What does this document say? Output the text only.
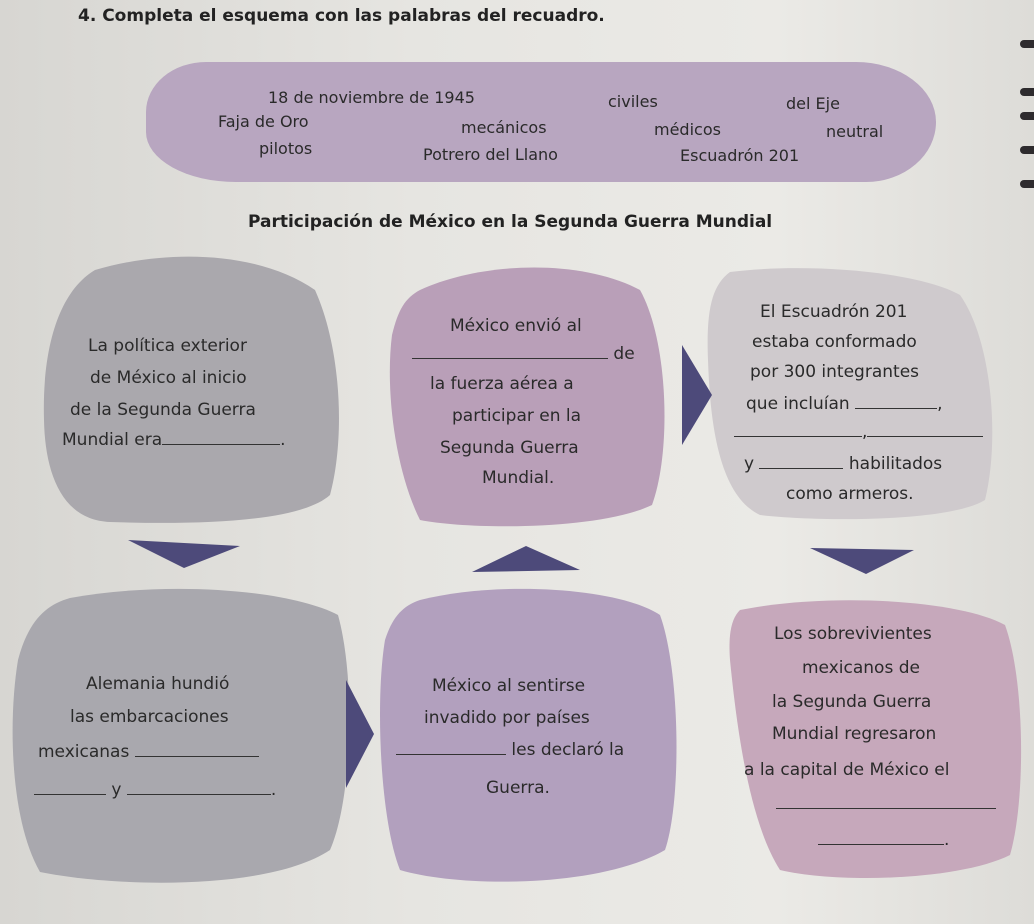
4. Completa el esquema con las palabras del recuadro.
18 de noviembre de 1945	civiles	del Eje
Faja de Oro	mecánicos	médicos	neutral
pilotos	Potrero del Llano	Escuadrón 201
Participación de México en la Segunda Guerra Mundial
La política exterior
de México al inicio
de la Segunda Guerra
Mundial era	.
México envió al
de
la fuerza aérea a
participar en la
Segunda Guerra
Mundial.
El Escuadrón 201
estaba conformado
por 300 integrantes
que incluían	,
,
y	habilitados
como armeros.
Alemania hundió
las embarcaciones
mexicanas
y	.
México al sentirse
invadido por países
les declaró la
Guerra.
Los sobrevivientes
mexicanos de
la Segunda Guerra
Mundial regresaron
a la capital de México el
.
